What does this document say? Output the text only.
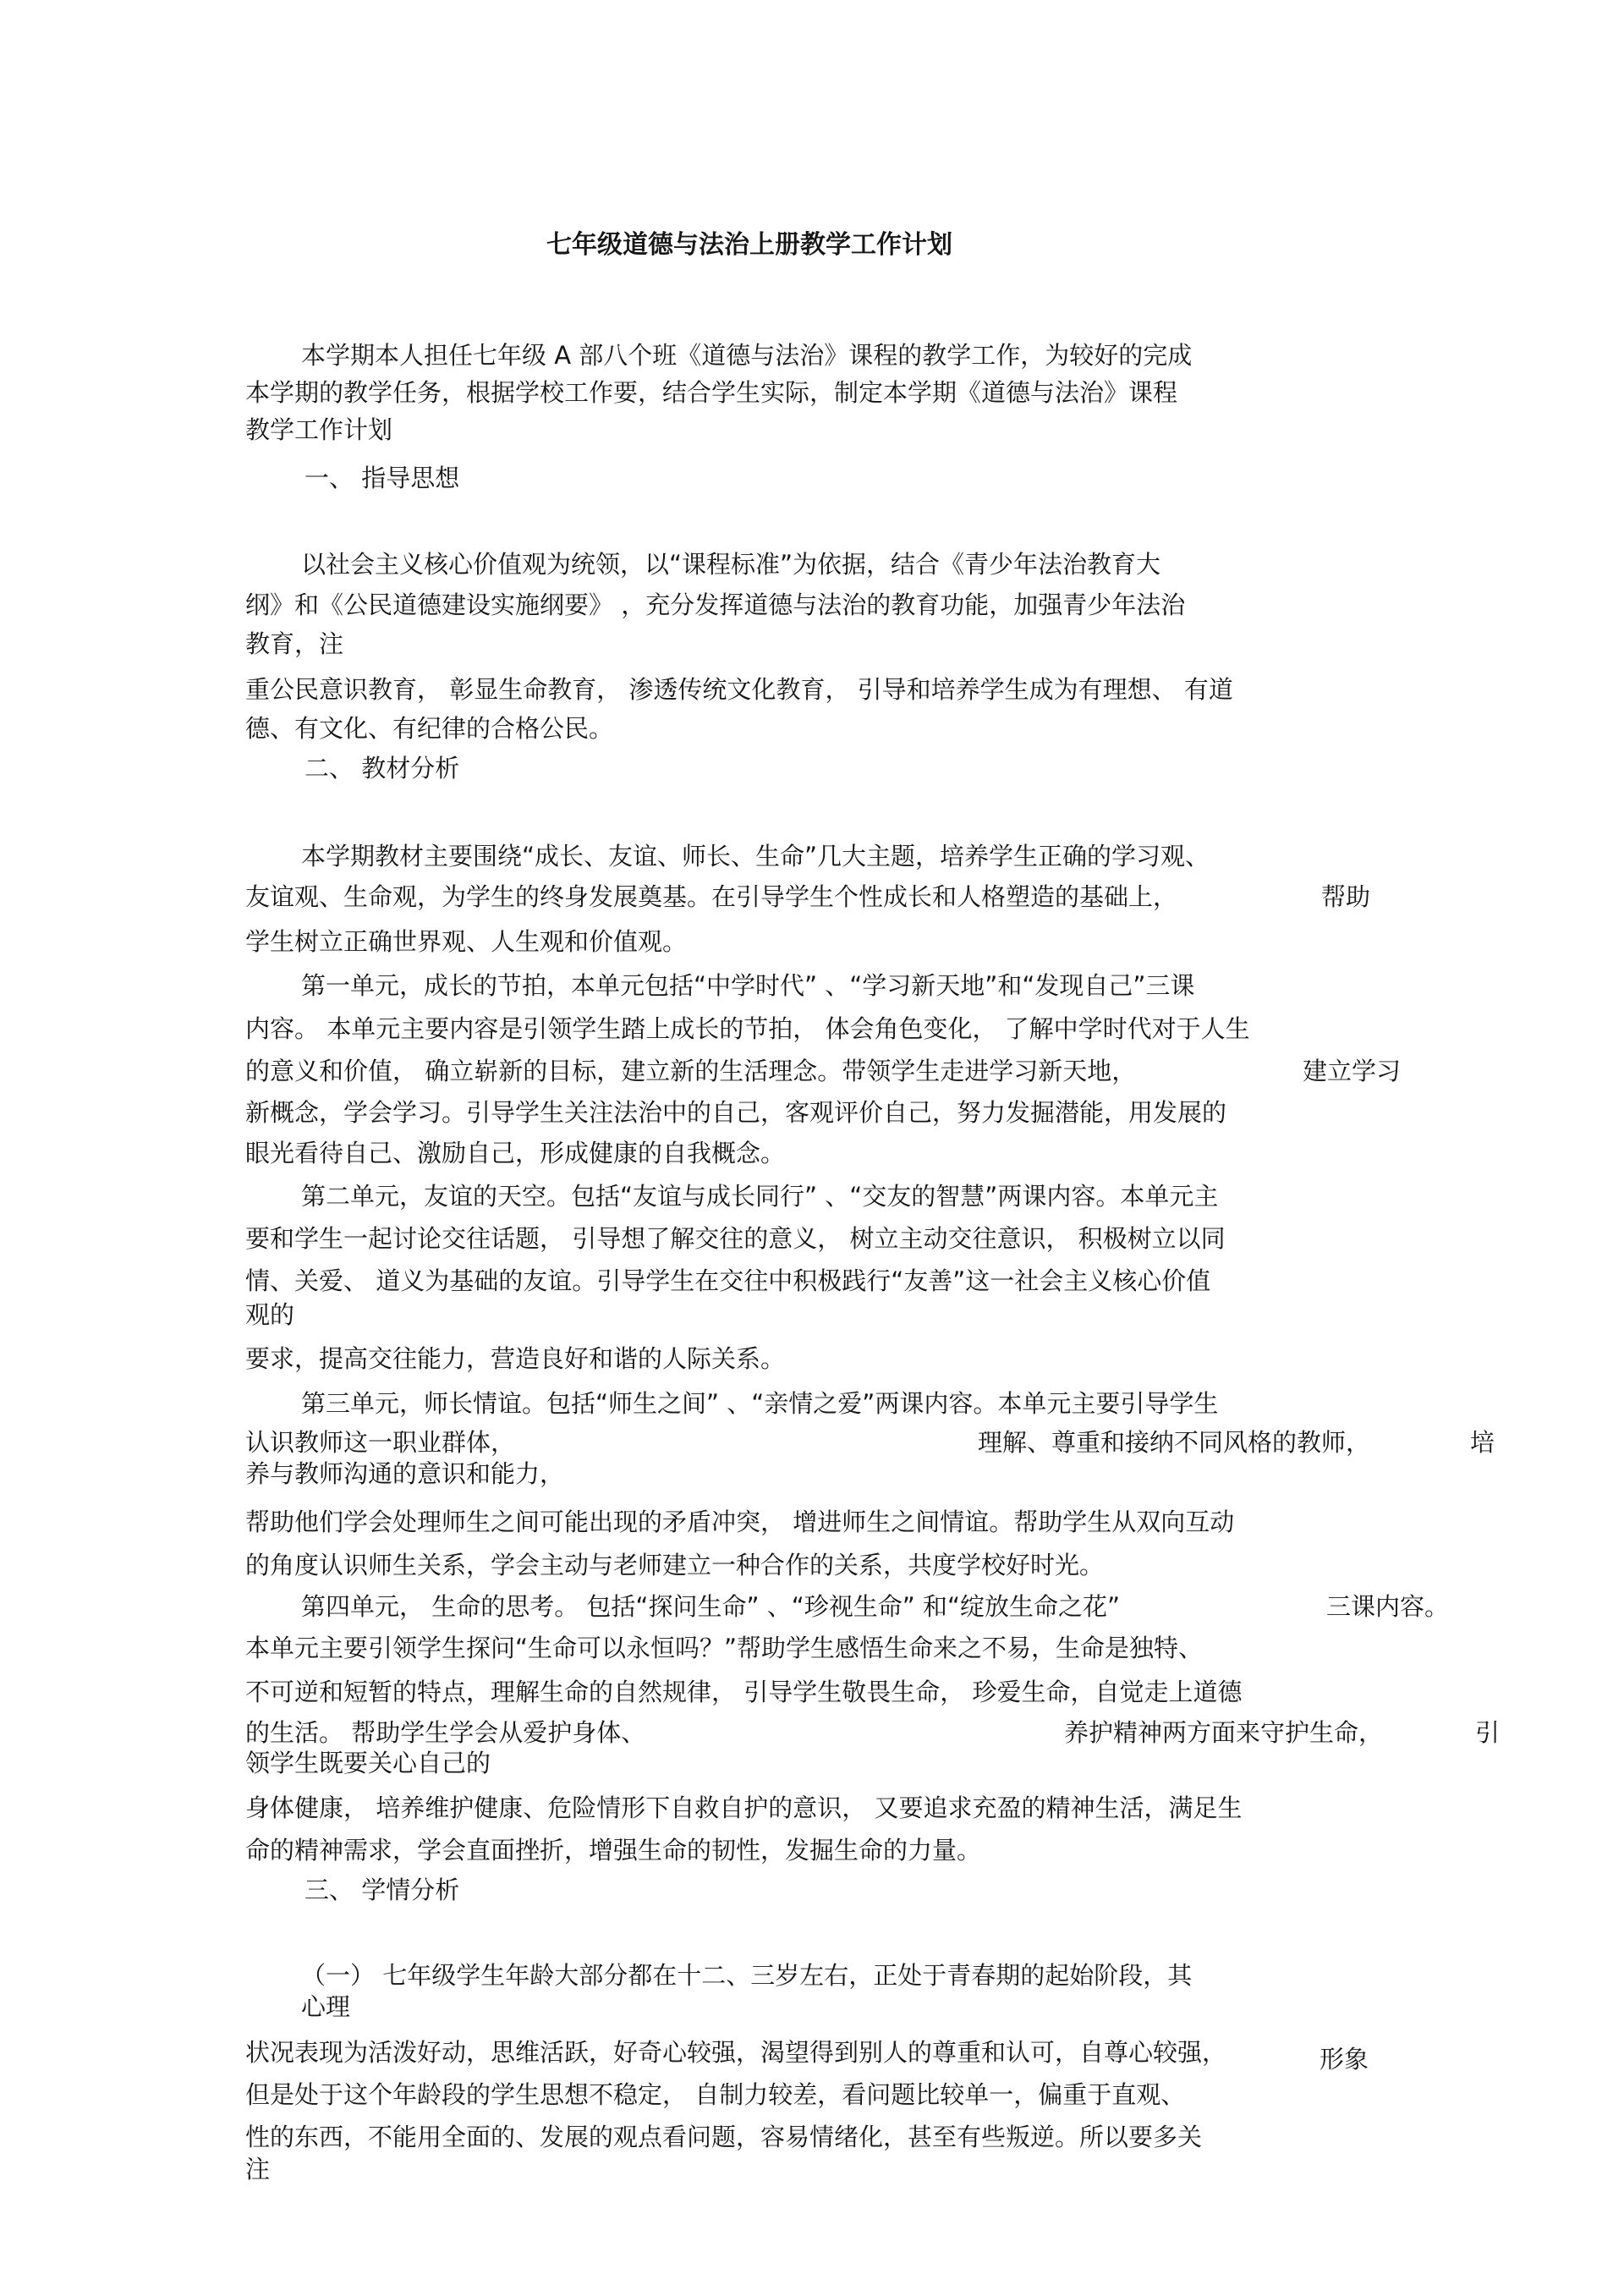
七年级道德与法治上册教学工作计划

本学期本人担任七年级 A 部八个班《道德与法治》课程的教学工作，为较好的完成

本学期的教学任务，根据学校工作要，结合学生实际，制定本学期《道德与法治》课程

教学工作计划

一、 指导思想

以社会主义核心价值观为统领，以“课程标准”为依据，结合《青少年法治教育大

纲》和《公民道德建设实施纲要》 ，充分发挥道德与法治的教育功能，加强青少年法治

教育，注

重公民意识教育， 彰显生命教育， 渗透传统文化教育， 引导和培养学生成为有理想、 有道

德、有文化、有纪律的合格公民。

二、 教材分析

本学期教材主要围绕“成长、友谊、师长、生命”几大主题，培养学生正确的学习观、

友谊观、生命观，为学生的终身发展奠基。在引导学生个性成长和人格塑造的基础上，	帮助

学生树立正确世界观、人生观和价值观。

第一单元，成长的节拍，本单元包括“中学时代” 、“学习新天地”和“发现自己”三课

内容。 本单元主要内容是引领学生踏上成长的节拍， 体会角色变化， 了解中学时代对于人生

的意义和价值， 确立崭新的目标，建立新的生活理念。带领学生走进学习新天地，	建立学习

新概念，学会学习。引导学生关注法治中的自己，客观评价自己，努力发掘潜能，用发展的

眼光看待自己、激励自己，形成健康的自我概念。

第二单元，友谊的天空。包括“友谊与成长同行” 、“交友的智慧”两课内容。本单元主

要和学生一起讨论交往话题， 引导想了解交往的意义， 树立主动交往意识， 积极树立以同

情、关爱、 道义为基础的友谊。引导学生在交往中积极践行“友善”这一社会主义核心价值

观的

要求，提高交往能力，营造良好和谐的人际关系。

第三单元，师长情谊。包括“师生之间” 、“亲情之爱”两课内容。本单元主要引导学生

认识教师这一职业群体，	理解、尊重和接纳不同风格的教师，	培

养与教师沟通的意识和能力，

帮助他们学会处理师生之间可能出现的矛盾冲突， 增进师生之间情谊。帮助学生从双向互动

的角度认识师生关系，学会主动与老师建立一种合作的关系，共度学校好时光。

第四单元， 生命的思考。 包括“探问生命” 、“珍视生命” 和“绽放生命之花”	三课内容。

本单元主要引领学生探问“生命可以永恒吗？”帮助学生感悟生命来之不易，生命是独特、

不可逆和短暂的特点，理解生命的自然规律， 引导学生敬畏生命， 珍爱生命，自觉走上道德

的生活。 帮助学生学会从爱护身体、	养护精神两方面来守护生命，	引

领学生既要关心自己的

身体健康， 培养维护健康、危险情形下自救自护的意识， 又要追求充盈的精神生活，满足生

命的精神需求，学会直面挫折，增强生命的韧性，发掘生命的力量。

三、 学情分析

（一） 七年级学生年龄大部分都在十二、三岁左右，正处于青春期的起始阶段，其

心理

状况表现为活泼好动，思维活跃，好奇心较强，渴望得到别人的尊重和认可，自尊心较强，	形象

但是处于这个年龄段的学生思想不稳定， 自制力较差，看问题比较单一，偏重于直观、

性的东西，不能用全面的、发展的观点看问题，容易情绪化，甚至有些叛逆。所以要多关

注
